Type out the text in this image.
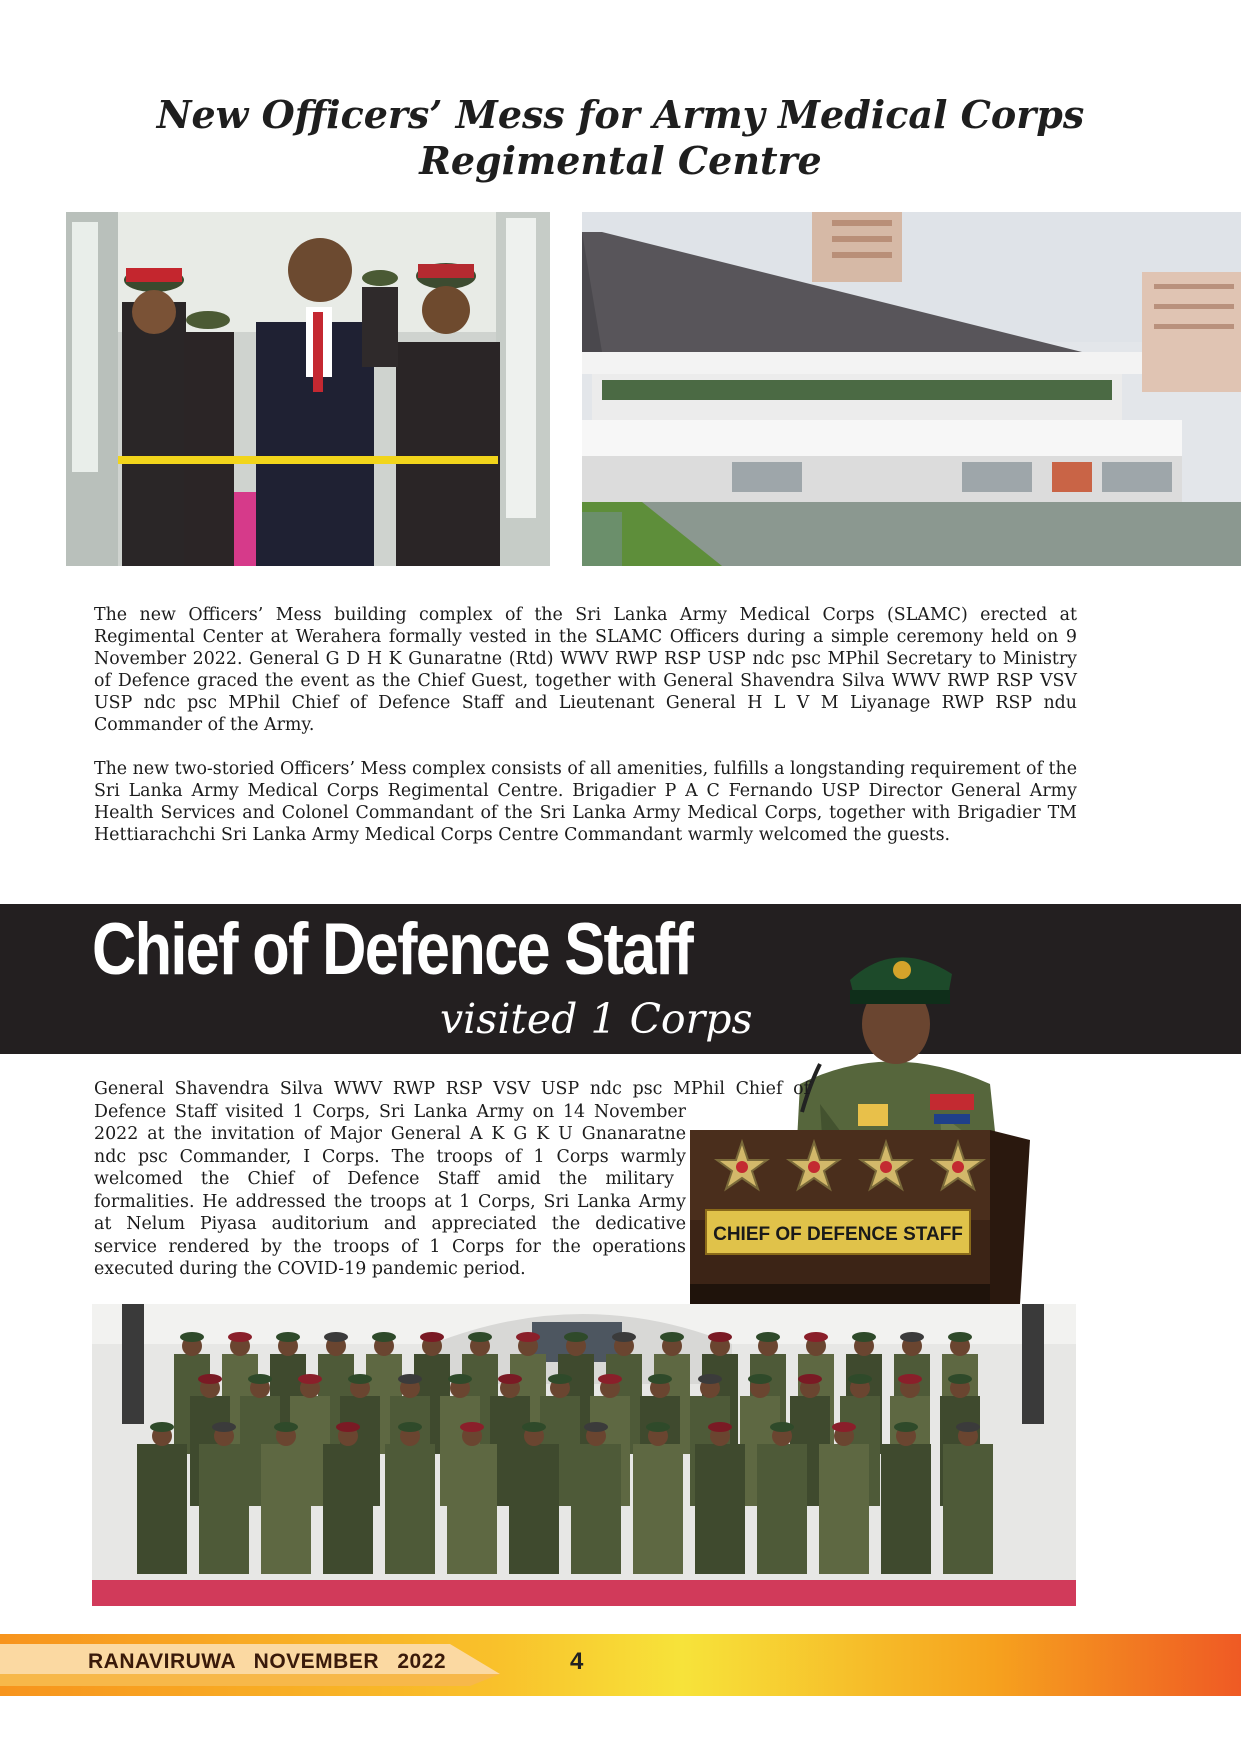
New Officers’ Mess for Army Medical Corps
Regimental Centre
The new Officers’ Mess building complex of the Sri Lanka Army Medical Corps (SLAMC) erected at Regimental Center at Werahera formally vested in the SLAMC Officers during a simple ceremony held on 9 November 2022. General G D H K Gunaratne (Rtd) WWV RWP RSP USP ndc psc MPhil Secretary to Ministry of Defence graced the event as the Chief Guest, together with General Shavendra Silva WWV RWP RSP VSV USP ndc psc MPhil Chief of Defence Staff and Lieutenant General H L V M Liyanage RWP RSP ndu Commander of the Army.
The new two-storied Officers’ Mess complex consists of all amenities, fulfills a longstanding requirement of the Sri Lanka Army Medical Corps Regimental Centre. Brigadier P A C Fernando USP Director General Army Health Services and Colonel Commandant of the Sri Lanka Army Medical Corps, together with Brigadier TM Hettiarachchi Sri Lanka Army Medical Corps Centre Commandant warmly welcomed the guests.
Chief of Defence Staff
visited 1 Corps
CHIEF OF DEFENCE STAFF
General Shavendra Silva WWV RWP RSP VSV USP ndc psc MPhil Chief of
Defence Staff visited 1 Corps, Sri Lanka Army on 14 November
2022 at the invitation of Major General A K G K U Gnanaratne
ndc psc Commander, I Corps. The troops of 1 Corps warmly
welcomed the Chief of Defence Staff amid the military
formalities. He addressed the troops at 1 Corps, Sri Lanka Army
at Nelum Piyasa auditorium and appreciated the dedicative
service rendered by the troops of 1 Corps for the operations
executed during the COVID-19 pandemic period.
RANAVIRUWA NOVEMBER 2022	4
